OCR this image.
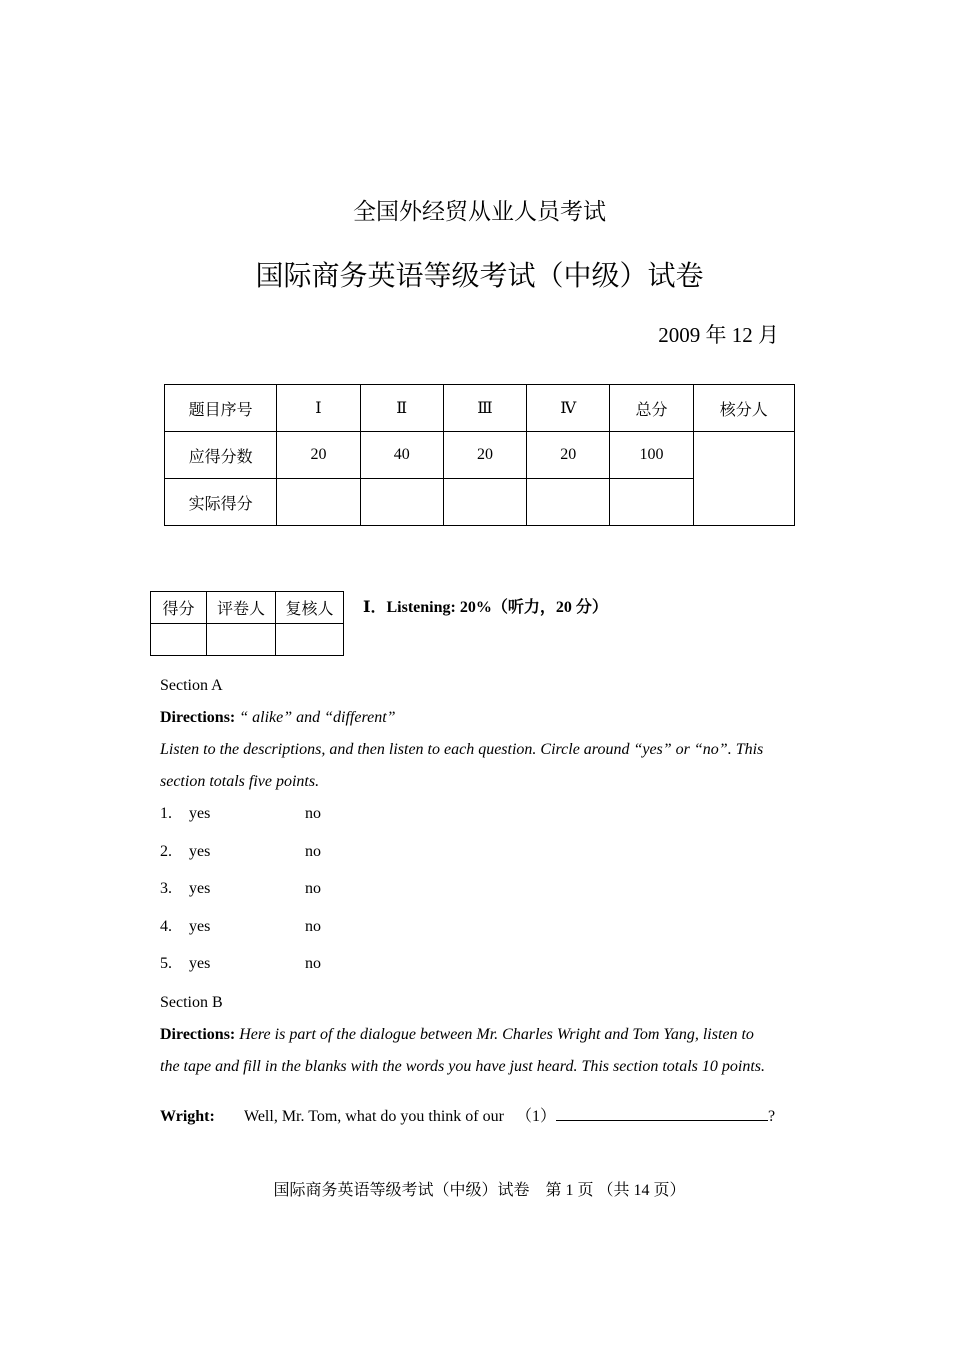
全国外经贸从业人员考试
国际商务英语等级考试（中级）试卷
2009 年 12 月
题目序号	Ⅰ	Ⅱ	Ⅲ	Ⅳ	总分	核分人
应得分数	20	40	20	20	100	
实际得分						
得分	评卷人	复核人
		Ⅰ．Listening: 20%（听力，20 分）
Section A
Directions: “ alike” and “different”
Listen to the descriptions, and then listen to each question. Circle around “yes” or “no”. This
section totals five points.
1. yes	no
2. yes	no
3. yes	no
4. yes	no
5. yes	no
Section B
Directions: Here is part of the dialogue between Mr. Charles Wright and Tom Yang, listen to
the tape and fill in the blanks with the words you have just heard. This section totals 10 points.
Wright: Well, Mr. Tom, what do you think of our （1）	?
国际商务英语等级考试（中级）试卷　第 1 页 （共 14 页）
